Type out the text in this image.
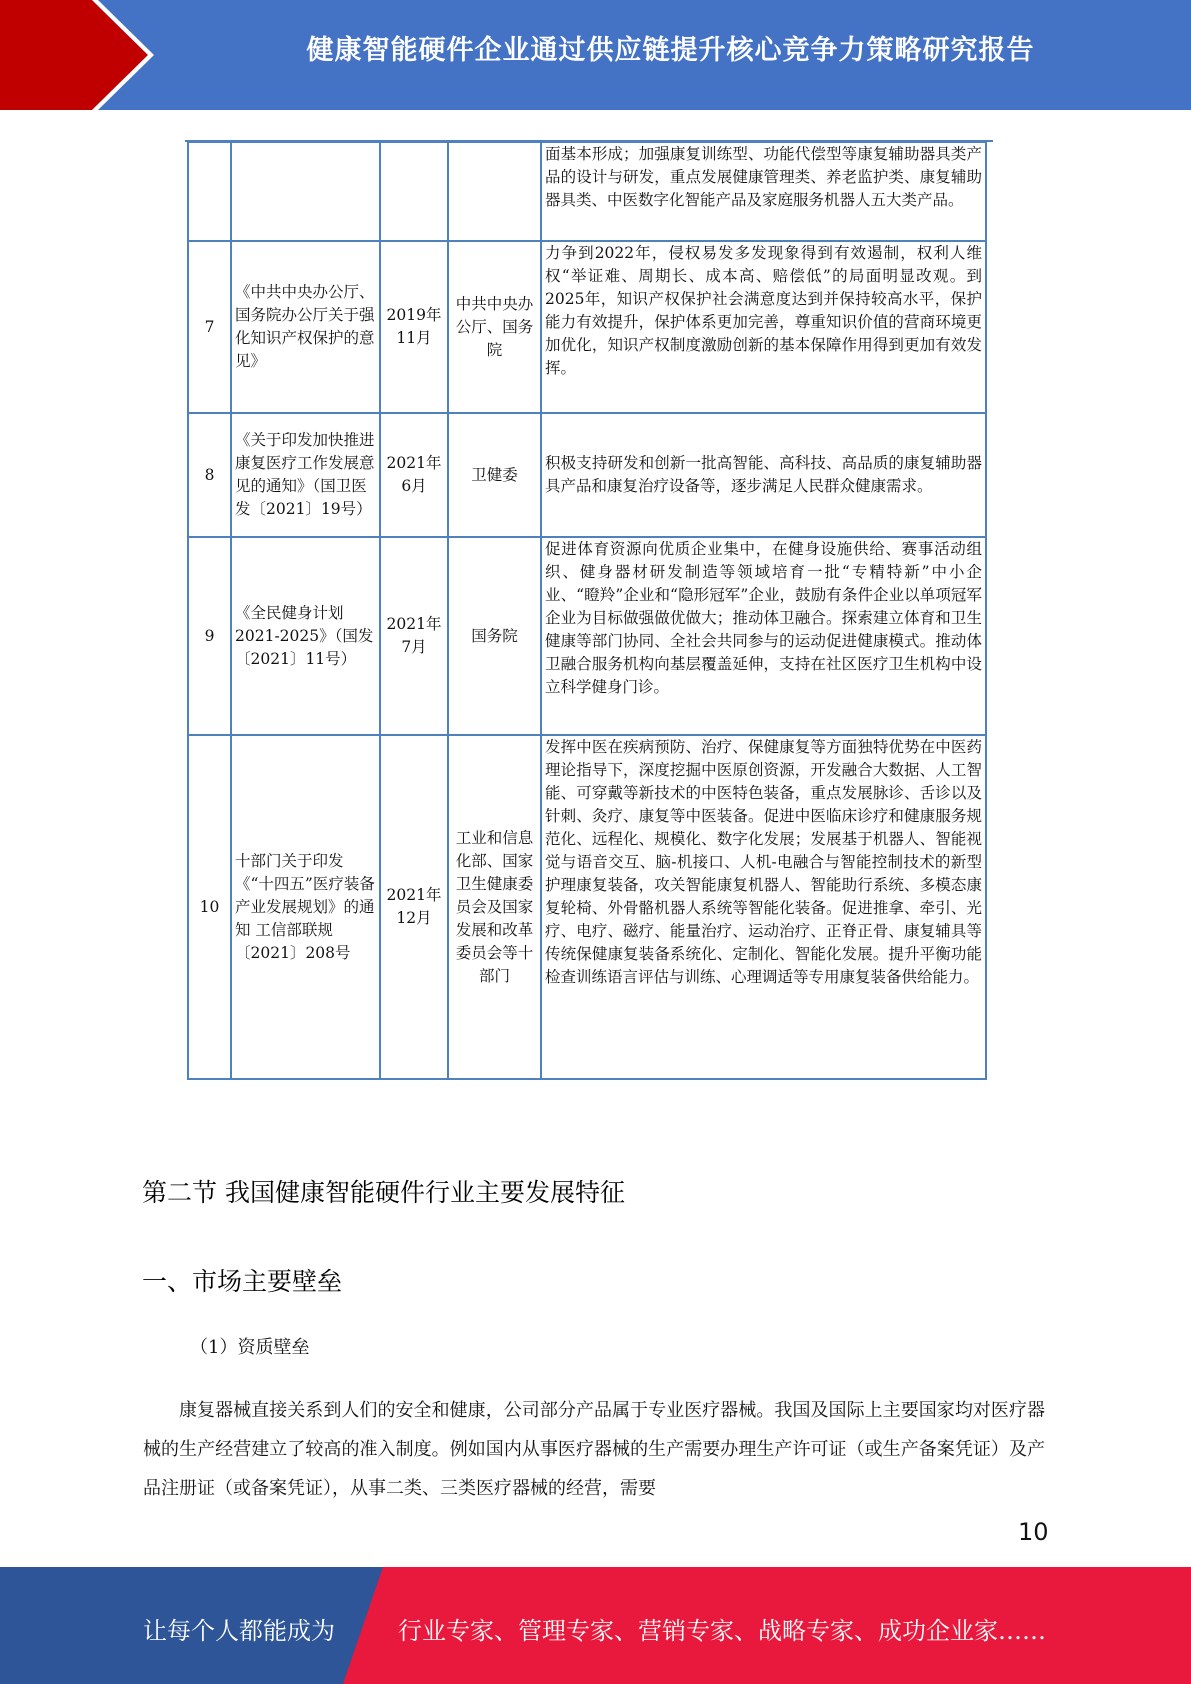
健康智能硬件企业通过供应链提升核心竞争力策略研究报告
				面基本形成；加强康复训练型、功能代偿型等康复辅助器具类产品的设计与研发，重点发展健康管理类、养老监护类、康复辅助器具类、中医数字化智能产品及家庭服务机器人五大类产品。
7	《中共中央办公厅、国务院办公厅关于强化知识产权保护的意见》	2019年11月	中共中央办公厅、国务院	力争到2022年，侵权易发多发现象得到有效遏制，权利人维权“举证难、周期长、成本高、赔偿低”的局面明显改观。到2025年，知识产权保护社会满意度达到并保持较高水平，保护能力有效提升，保护体系更加完善，尊重知识价值的营商环境更加优化，知识产权制度激励创新的基本保障作用得到更加有效发挥。
8	《关于印发加快推进康复医疗工作发展意见的通知》（国卫医发〔2021〕19号）	2021年6月	卫健委	积极支持研发和创新一批高智能、高科技、高品质的康复辅助器具产品和康复治疗设备等，逐步满足人民群众健康需求。
9	《全民健身计划2021-2025》（国发〔2021〕11号）	2021年7月	国务院	促进体育资源向优质企业集中，在健身设施供给、赛事活动组织、健身器材研发制造等领域培育一批“专精特新”中小企业、“瞪羚”企业和“隐形冠军”企业，鼓励有条件企业以单项冠军企业为目标做强做优做大；推动体卫融合。探索建立体育和卫生健康等部门协同、全社会共同参与的运动促进健康模式。推动体卫融合服务机构向基层覆盖延伸，支持在社区医疗卫生机构中设立科学健身门诊。
10	十部门关于印发《“十四五”医疗装备产业发展规划》的通知 工信部联规〔2021〕208号	2021年12月	工业和信息化部、国家卫生健康委员会及国家发展和改革委员会等十部门	发挥中医在疾病预防、治疗、保健康复等方面独特优势在中医药理论指导下，深度挖掘中医原创资源，开发融合大数据、人工智能、可穿戴等新技术的中医特色装备，重点发展脉诊、舌诊以及针刺、灸疗、康复等中医装备。促进中医临床诊疗和健康服务规范化、远程化、规模化、数字化发展；发展基于机器人、智能视觉与语音交互、脑-机接口、人机-电融合与智能控制技术的新型护理康复装备，攻关智能康复机器人、智能助行系统、多模态康复轮椅、外骨骼机器人系统等智能化装备。促进推拿、牵引、光疗、电疗、磁疗、能量治疗、运动治疗、正脊正骨、康复辅具等传统保健康复装备系统化、定制化、智能化发展。提升平衡功能检查训练语言评估与训练、心理调适等专用康复装备供给能力。
第二节 我国健康智能硬件行业主要发展特征
一、市场主要壁垒
（1）资质壁垒

康复器械直接关系到人们的安全和健康，公司部分产品属于专业医疗器械。我国及国际上主要国家均对医疗器械的生产经营建立了较高的准入制度。例如国内从事医疗器械的生产需要办理生产许可证（或生产备案凭证）及产品注册证（或备案凭证），从事二类、三类医疗器械的经营，需要

10
让每个人都能成为	行业专家、管理专家、营销专家、战略专家、成功企业家……
